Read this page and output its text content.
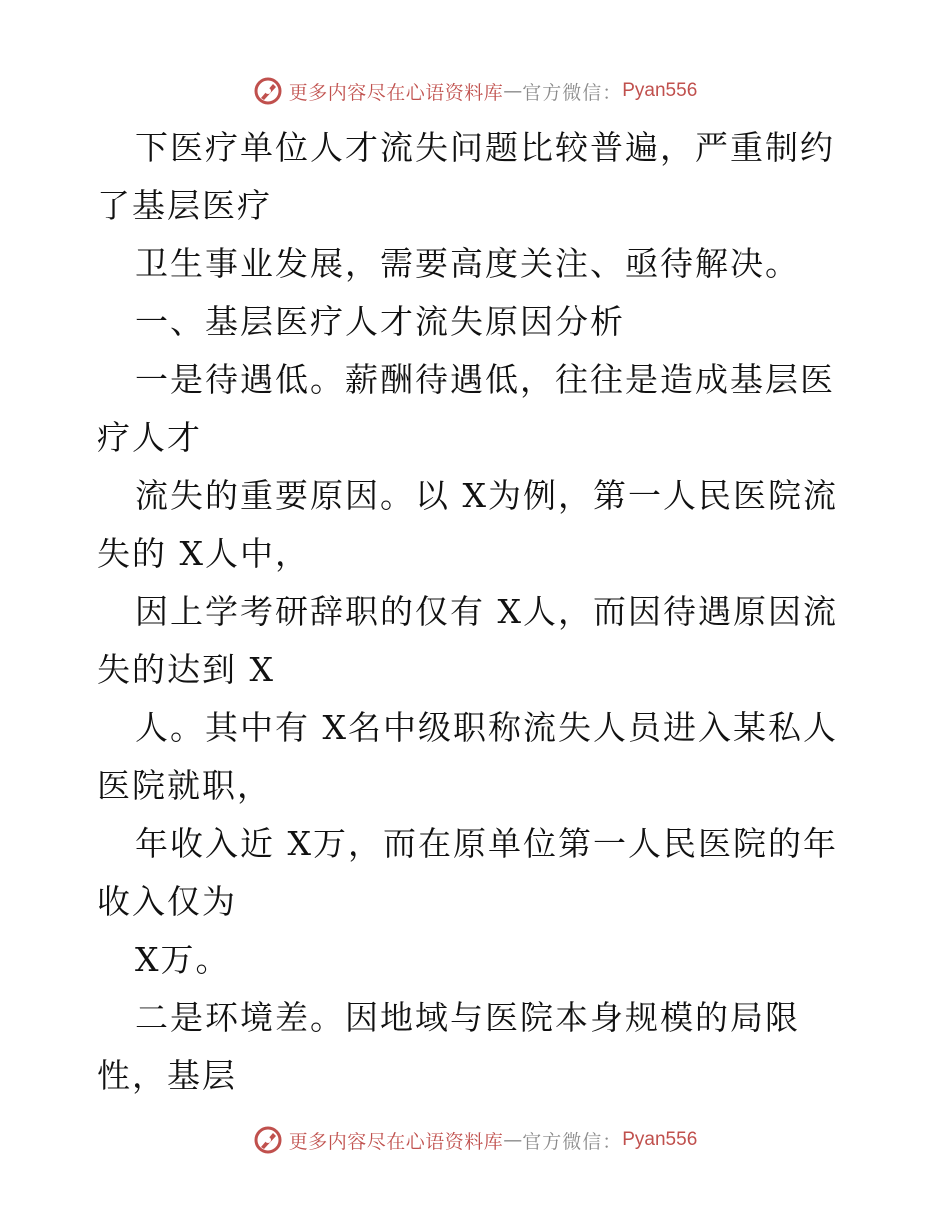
更多内容尽在心语资料库 — 官方微信： Pyan556

下医疗单位人才流失问题比较普遍，严重制约了基层医疗

卫生事业发展，需要高度关注、亟待解决。

一、基层医疗人才流失原因分析

一是待遇低。薪酬待遇低，往往是造成基层医疗人才

流失的重要原因。以 X为例，第一人民医院流失的 X人中，

因上学考研辞职的仅有 X人，而因待遇原因流失的达到 X

人。其中有 X名中级职称流失人员进入某私人医院就职，

年收入近 X万，而在原单位第一人民医院的年收入仅为

X万。

二是环境差。因地域与医院本身规模的局限性，基层

更多内容尽在心语资料库 — 官方微信： Pyan556
